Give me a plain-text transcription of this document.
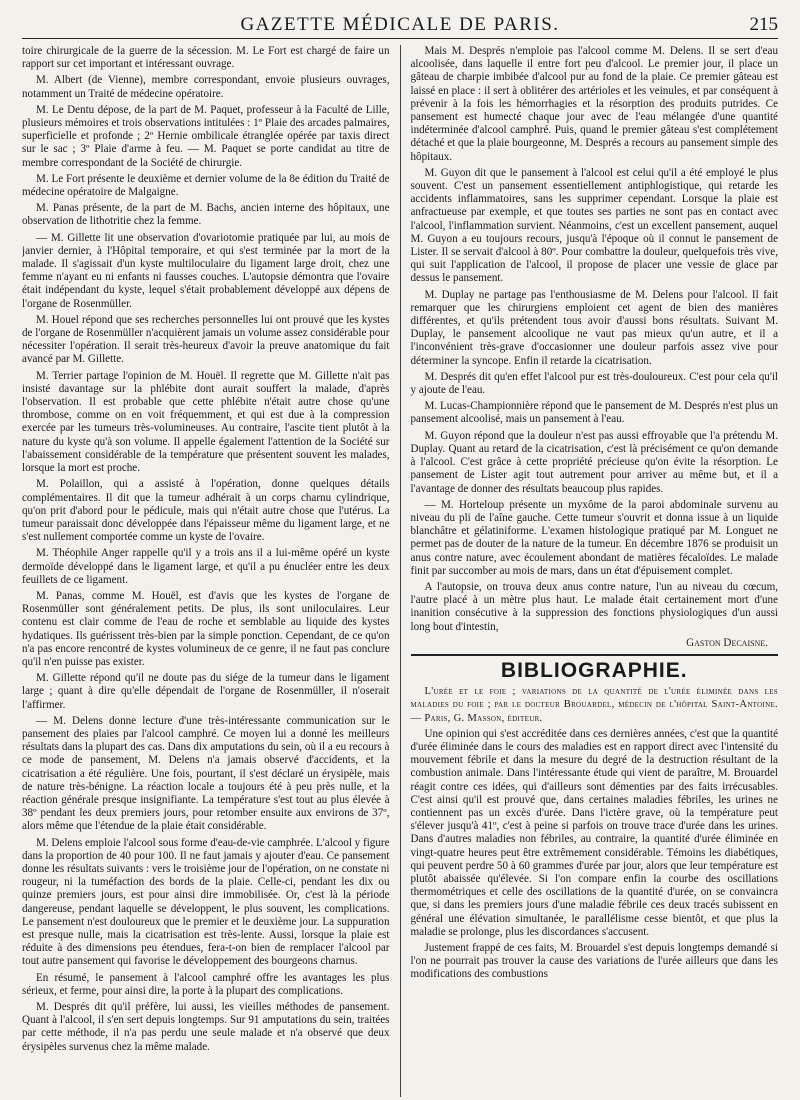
GAZETTE MÉDICALE DE PARIS.	215

toire chirurgicale de la guerre de la sécession. M. Le Fort est chargé de faire un rapport sur cet important et intéressant ouvrage.

M. Albert (de Vienne), membre correspondant, envoie plusieurs ouvrages, notamment un Traité de médecine opératoire.

M. Le Dentu dépose, de la part de M. Paquet, professeur à la Faculté de Lille, plusieurs mémoires et trois observations intitulées : 1º Plaie des arcades palmaires, superficielle et profonde ; 2º Hernie ombilicale étranglée opérée par taxis direct sur le sac ; 3º Plaie d'arme à feu. — M. Paquet se porte candidat au titre de membre correspondant de la Société de chirurgie.

M. Le Fort présente le deuxième et dernier volume de la 8e édition du Traité de médecine opératoire de Malgaigne.

M. Panas présente, de la part de M. Bachs, ancien interne des hôpitaux, une observation de lithotritie chez la femme.

— M. Gillette lit une observation d'ovariotomie pratiquée par lui, au mois de janvier dernier, à l'Hôpital temporaire, et qui s'est terminée par la mort de la malade. Il s'agissait d'un kyste multiloculaire du ligament large droit, chez une femme n'ayant eu ni enfants ni fausses couches. L'autopsie démontra que l'ovaire était indépendant du kyste, lequel s'était probablement développé aux dépens de l'organe de Rosenmüller.

M. Houel répond que ses recherches personnelles lui ont prouvé que les kystes de l'organe de Rosenmüller n'acquièrent jamais un volume assez considérable pour nécessiter l'opération. Il serait très-heureux d'avoir la preuve anatomique du fait avancé par M. Gillette.

M. Terrier partage l'opinion de M. Houël. Il regrette que M. Gillette n'ait pas insisté davantage sur la phlébite dont aurait souffert la malade, d'après l'observation. Il est probable que cette phlébite n'était autre chose qu'une thrombose, comme on en voit fréquemment, et qui est due à la compression exercée par les tumeurs très-volumineuses. Au contraire, l'ascite tient plutôt à la nature du kyste qu'à son volume. Il appelle également l'attention de la Société sur l'abaissement considérable de la température que présentent souvent les malades, lorsque la mort est proche.

M. Polaillon, qui a assisté à l'opération, donne quelques détails complémentaires. Il dit que la tumeur adhérait à un corps charnu cylindrique, qu'on prit d'abord pour le pédicule, mais qui n'était autre chose que l'utérus. La tumeur paraissait donc développée dans l'épaisseur même du ligament large, et ne s'est nullement comportée comme un kyste de l'ovaire.

M. Théophile Anger rappelle qu'il y a trois ans il a lui-même opéré un kyste dermoïde développé dans le ligament large, et qu'il a pu énucléer entre les deux feuillets de ce ligament.

M. Panas, comme M. Houël, est d'avis que les kystes de l'organe de Rosenmüller sont généralement petits. De plus, ils sont uniloculaires. Leur contenu est clair comme de l'eau de roche et semblable au liquide des kystes hydatiques. Ils guérissent très-bien par la simple ponction. Cependant, de ce qu'on n'a pas encore rencontré de kystes volumineux de ce genre, il ne faut pas conclure qu'il n'en puisse pas exister.

M. Gillette répond qu'il ne doute pas du siége de la tumeur dans le ligament large ; quant à dire qu'elle dépendait de l'organe de Rosenmüller, il n'oserait l'affirmer.

— M. Delens donne lecture d'une très-intéressante communication sur le pansement des plaies par l'alcool camphré. Ce moyen lui a donné les meilleurs résultats dans la plupart des cas. Dans dix amputations du sein, où il a eu recours à ce mode de pansement, M. Delens n'a jamais observé d'accidents, et la cicatrisation a été régulière. Une fois, pourtant, il s'est déclaré un érysipèle, mais de nature très-bénigne. La réaction locale a toujours été à peu près nulle, et la réaction générale presque insignifiante. La température s'est tout au plus élevée à 38º pendant les deux premiers jours, pour retomber ensuite aux environs de 37º, alors même que l'étendue de la plaie était considérable.

M. Delens emploie l'alcool sous forme d'eau-de-vie camphrée. L'alcool y figure dans la proportion de 40 pour 100. Il ne faut jamais y ajouter d'eau. Ce pansement donne les résultats suivants : vers le troisième jour de l'opération, on ne constate ni rougeur, ni la tuméfaction des bords de la plaie. Celle-ci, pendant les dix ou quinze premiers jours, est pour ainsi dire immobilisée. Or, c'est là la période dangereuse, pendant laquelle se développent, le plus souvent, les complications. Le pansement n'est douloureux que le premier et le deuxième jour. La suppuration est presque nulle, mais la cicatrisation est très-lente. Aussi, lorsque la plaie est réduite à des dimensions peu étendues, fera-t-on bien de remplacer l'alcool par tout autre pansement qui favorise le développement des bourgeons charnus.

En résumé, le pansement à l'alcool camphré offre les avantages les plus sérieux, et ferme, pour ainsi dire, la porte à la plupart des complications.

M. Després dit qu'il préfère, lui aussi, les vieilles méthodes de pansement. Quant à l'alcool, il s'en sert depuis longtemps. Sur 91 amputations du sein, traitées par cette méthode, il n'a pas perdu une seule malade et n'a observé que deux érysipèles survenus chez la même malade.

Mais M. Després n'emploie pas l'alcool comme M. Delens. Il se sert d'eau alcoolisée, dans laquelle il entre fort peu d'alcool. Le premier jour, il place un gâteau de charpie imbibée d'alcool pur au fond de la plaie. Ce premier gâteau est laissé en place : il sert à oblitérer des artérioles et les veinules, et par conséquent à prévenir à la fois les hémorrhagies et la résorption des produits putrides. Ce pansement est humecté chaque jour avec de l'eau mélangée d'une quantité indéterminée d'alcool camphré. Puis, quand le premier gâteau s'est complétement détaché et que la plaie bourgeonne, M. Després a recours au pansement simple des hôpitaux.

M. Guyon dit que le pansement à l'alcool est celui qu'il a été employé le plus souvent. C'est un pansement essentiellement antiphlogistique, qui retarde les accidents inflammatoires, sans les supprimer cependant. Lorsque la plaie est anfractueuse par exemple, et que toutes ses parties ne sont pas en contact avec l'alcool, l'inflammation survient. Néanmoins, c'est un excellent pansement, auquel M. Guyon a eu toujours recours, jusqu'à l'époque où il connut le pansement de Lister. Il se servait d'alcool à 80º. Pour combattre la douleur, quelquefois très vive, qui suit l'application de l'alcool, il propose de placer une vessie de glace par dessus le pansement.

M. Duplay ne partage pas l'enthousiasme de M. Delens pour l'alcool. Il fait remarquer que les chirurgiens emploient cet agent de bien des manières différentes, et qu'ils prétendent tous avoir d'aussi bons résultats. Suivant M. Duplay, le pansement alcoolique ne vaut pas mieux qu'un autre, et il a l'inconvénient très-grave d'occasionner une douleur parfois assez vive pour déterminer la syncope. Enfin il retarde la cicatrisation.

M. Després dit qu'en effet l'alcool pur est très-douloureux. C'est pour cela qu'il y ajoute de l'eau.

M. Lucas-Championnière répond que le pansement de M. Després n'est plus un pansement alcoolisé, mais un pansement à l'eau.

M. Guyon répond que la douleur n'est pas aussi effroyable que l'a prétendu M. Duplay. Quant au retard de la cicatrisation, c'est là précisément ce qu'on demande à l'alcool. C'est grâce à cette propriété précieuse qu'on évite la résorption. Le pansement de Lister agit tout autrement pour arriver au même but, et il a l'avantage de donner des résultats beaucoup plus rapides.

— M. Horteloup présente un myxôme de la paroi abdominale survenu au niveau du pli de l'aîne gauche. Cette tumeur s'ouvrit et donna issue à un liquide blanchâtre et gélatiniforme. L'examen histologique pratiqué par M. Longuet ne permet pas de douter de la nature de la tumeur. En décembre 1876 se produisit un anus contre nature, avec écoulement abondant de matières fécaloïdes. Le malade finit par succomber au mois de mars, dans un état d'épuisement complet.

A l'autopsie, on trouva deux anus contre nature, l'un au niveau du cœcum, l'autre placé à un mètre plus haut. Le malade était certainement mort d'une inanition consécutive à la suppression des fonctions physiologiques d'un aussi long bout d'intestin,

Gaston Decaisne.
BIBLIOGRAPHIE.

L'urée et le foie ; variations de la quantité de l'urée éliminée dans les maladies du foie ; par le docteur Brouardel, médecin de l'hôpital Saint-Antoine. — Paris, G. Masson, éditeur.

Une opinion qui s'est accréditée dans ces dernières années, c'est que la quantité d'urée éliminée dans le cours des maladies est en rapport direct avec l'intensité du mouvement fébrile et dans la mesure du degré de la destruction résultant de la combustion animale. Dans l'intéressante étude qui vient de paraître, M. Brouardel réagit contre ces idées, qui d'ailleurs sont démenties par des faits irrécusables. C'est ainsi qu'il est prouvé que, dans certaines maladies fébriles, les urines ne contiennent pas un excès d'urée. Dans l'ictère grave, où la température peut s'élever jusqu'à 41º, c'est à peine si parfois on trouve trace d'urée dans les urines. Dans d'autres maladies non fébriles, au contraire, la quantité d'urée éliminée en vingt-quatre heures peut être extrêmement considérable. Témoins les diabétiques, qui peuvent perdre 50 à 60 grammes d'urée par jour, alors que leur température est plutôt abaissée qu'élevée. Si l'on compare enfin la courbe des oscillations thermométriques et celle des oscillations de la quantité d'urée, on se convaincra que, si dans les premiers jours d'une maladie fébrile ces deux tracés subissent en général une élévation simultanée, le parallélisme cesse bientôt, et que plus la maladie se prolonge, plus les discordances s'accusent.

Justement frappé de ces faits, M. Brouardel s'est depuis longtemps demandé si l'on ne pourrait pas trouver la cause des variations de l'urée ailleurs que dans les modifications des combustions
